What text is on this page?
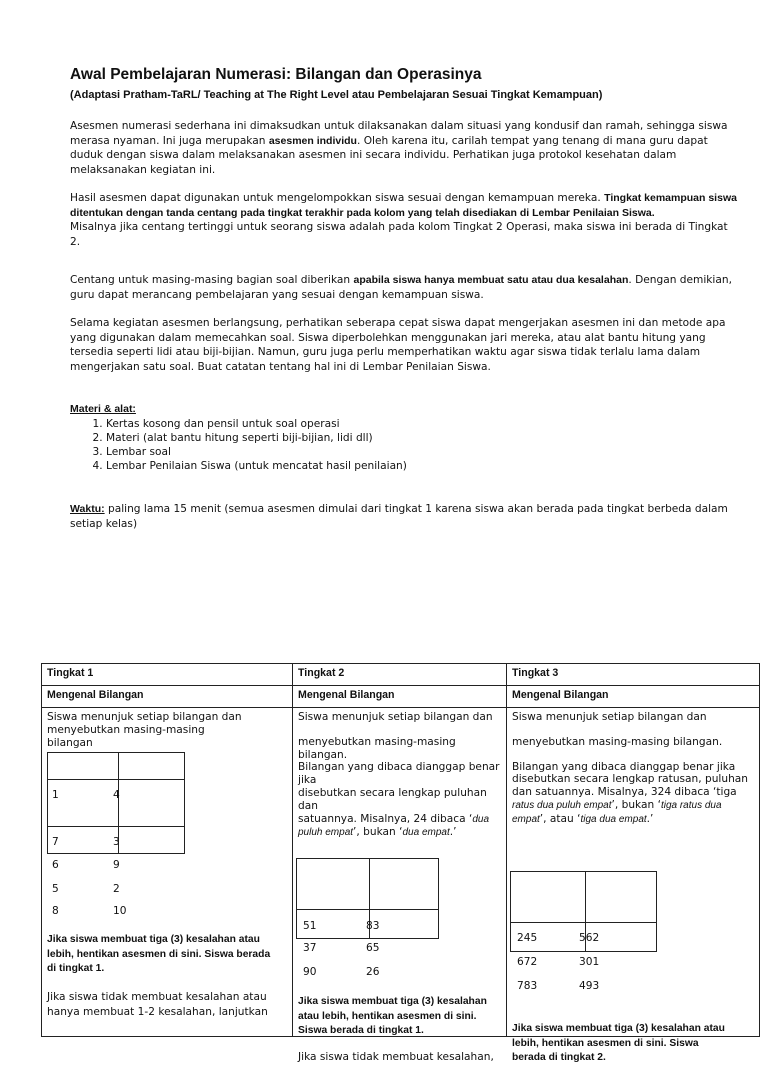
Awal Pembelajaran Numerasi: Bilangan dan Operasinya

(Adaptasi Pratham-TaRL/ Teaching at The Right Level atau Pembelajaran Sesuai Tingkat Kemampuan)

Asesmen numerasi sederhana ini dimaksudkan untuk dilaksanakan dalam situasi yang kondusif dan ramah, sehingga siswa merasa nyaman. Ini juga merupakan asesmen individu. Oleh karena itu, carilah tempat yang tenang di mana guru dapat duduk dengan siswa dalam melaksanakan asesmen ini secara individu. Perhatikan juga protokol kesehatan dalam melaksanakan kegiatan ini.

Hasil asesmen dapat digunakan untuk mengelompokkan siswa sesuai dengan kemampuan mereka. Tingkat kemampuan siswa ditentukan dengan tanda centang pada tingkat terakhir pada kolom yang telah disediakan di Lembar Penilaian Siswa.
Misalnya jika centang tertinggi untuk seorang siswa adalah pada kolom Tingkat 2 Operasi, maka siswa ini berada di Tingkat 2.

Centang untuk masing-masing bagian soal diberikan apabila siswa hanya membuat satu atau dua kesalahan. Dengan demikian, guru dapat merancang pembelajaran yang sesuai dengan kemampuan siswa.

Selama kegiatan asesmen berlangsung, perhatikan seberapa cepat siswa dapat mengerjakan asesmen ini dan metode apa yang digunakan dalam memecahkan soal. Siswa diperbolehkan menggunakan jari mereka, atau alat bantu hitung yang tersedia seperti lidi atau biji-bijian. Namun, guru juga perlu memperhatikan waktu agar siswa tidak terlalu lama dalam mengerjakan satu soal. Buat catatan tentang hal ini di Lembar Penilaian Siswa.

Materi & alat:
1. Kertas kosong dan pensil untuk soal operasi
2. Materi (alat bantu hitung seperti biji-bijian, lidi dll)
3. Lembar soal
4. Lembar Penilaian Siswa (untuk mencatat hasil penilaian)

Waktu: paling lama 15 menit (semua asesmen dimulai dari tingkat 1 karena siswa akan berada pada tingkat berbeda dalam setiap kelas)

Tingkat 1	Tingkat 2	Tingkat 3
Mengenal Bilangan	Mengenal Bilangan	Mengenal Bilangan

Siswa menunjuk setiap bilangan dan menyebutkan masing-masing bilangan

1	4
7	3
6	9
5	2
8	10
Jika siswa membuat tiga (3) kesalahan atau lebih, hentikan asesmen di sini. Siswa berada di tingkat 1.
Jika siswa tidak membuat kesalahan atau hanya membuat 1-2 kesalahan, lanjutkan

Siswa menunjuk setiap bilangan dan
menyebutkan masing-masing bilangan.
Bilangan yang dibaca dianggap benar jika
disebutkan secara lengkap puluhan dan
satuannya. Misalnya, 24 dibaca ‘dua puluh empat’, bukan ‘dua empat.’

51	83
37	65
90	26
Jika siswa membuat tiga (3) kesalahan atau lebih, hentikan asesmen di sini. Siswa berada di tingkat 1.
Jika siswa tidak membuat kesalahan,

Siswa menunjuk setiap bilangan dan
menyebutkan masing-masing bilangan.
Bilangan yang dibaca dianggap benar jika
disebutkan secara lengkap ratusan, puluhan
dan satuannya. Misalnya, 324 dibaca ‘tiga
ratus dua puluh empat’, bukan ‘tiga ratus dua empat’, atau ‘tiga dua empat.’

245	562
672	301
783	493
Jika siswa membuat tiga (3) kesalahan atau lebih, hentikan asesmen di sini. Siswa berada di tingkat 2.
